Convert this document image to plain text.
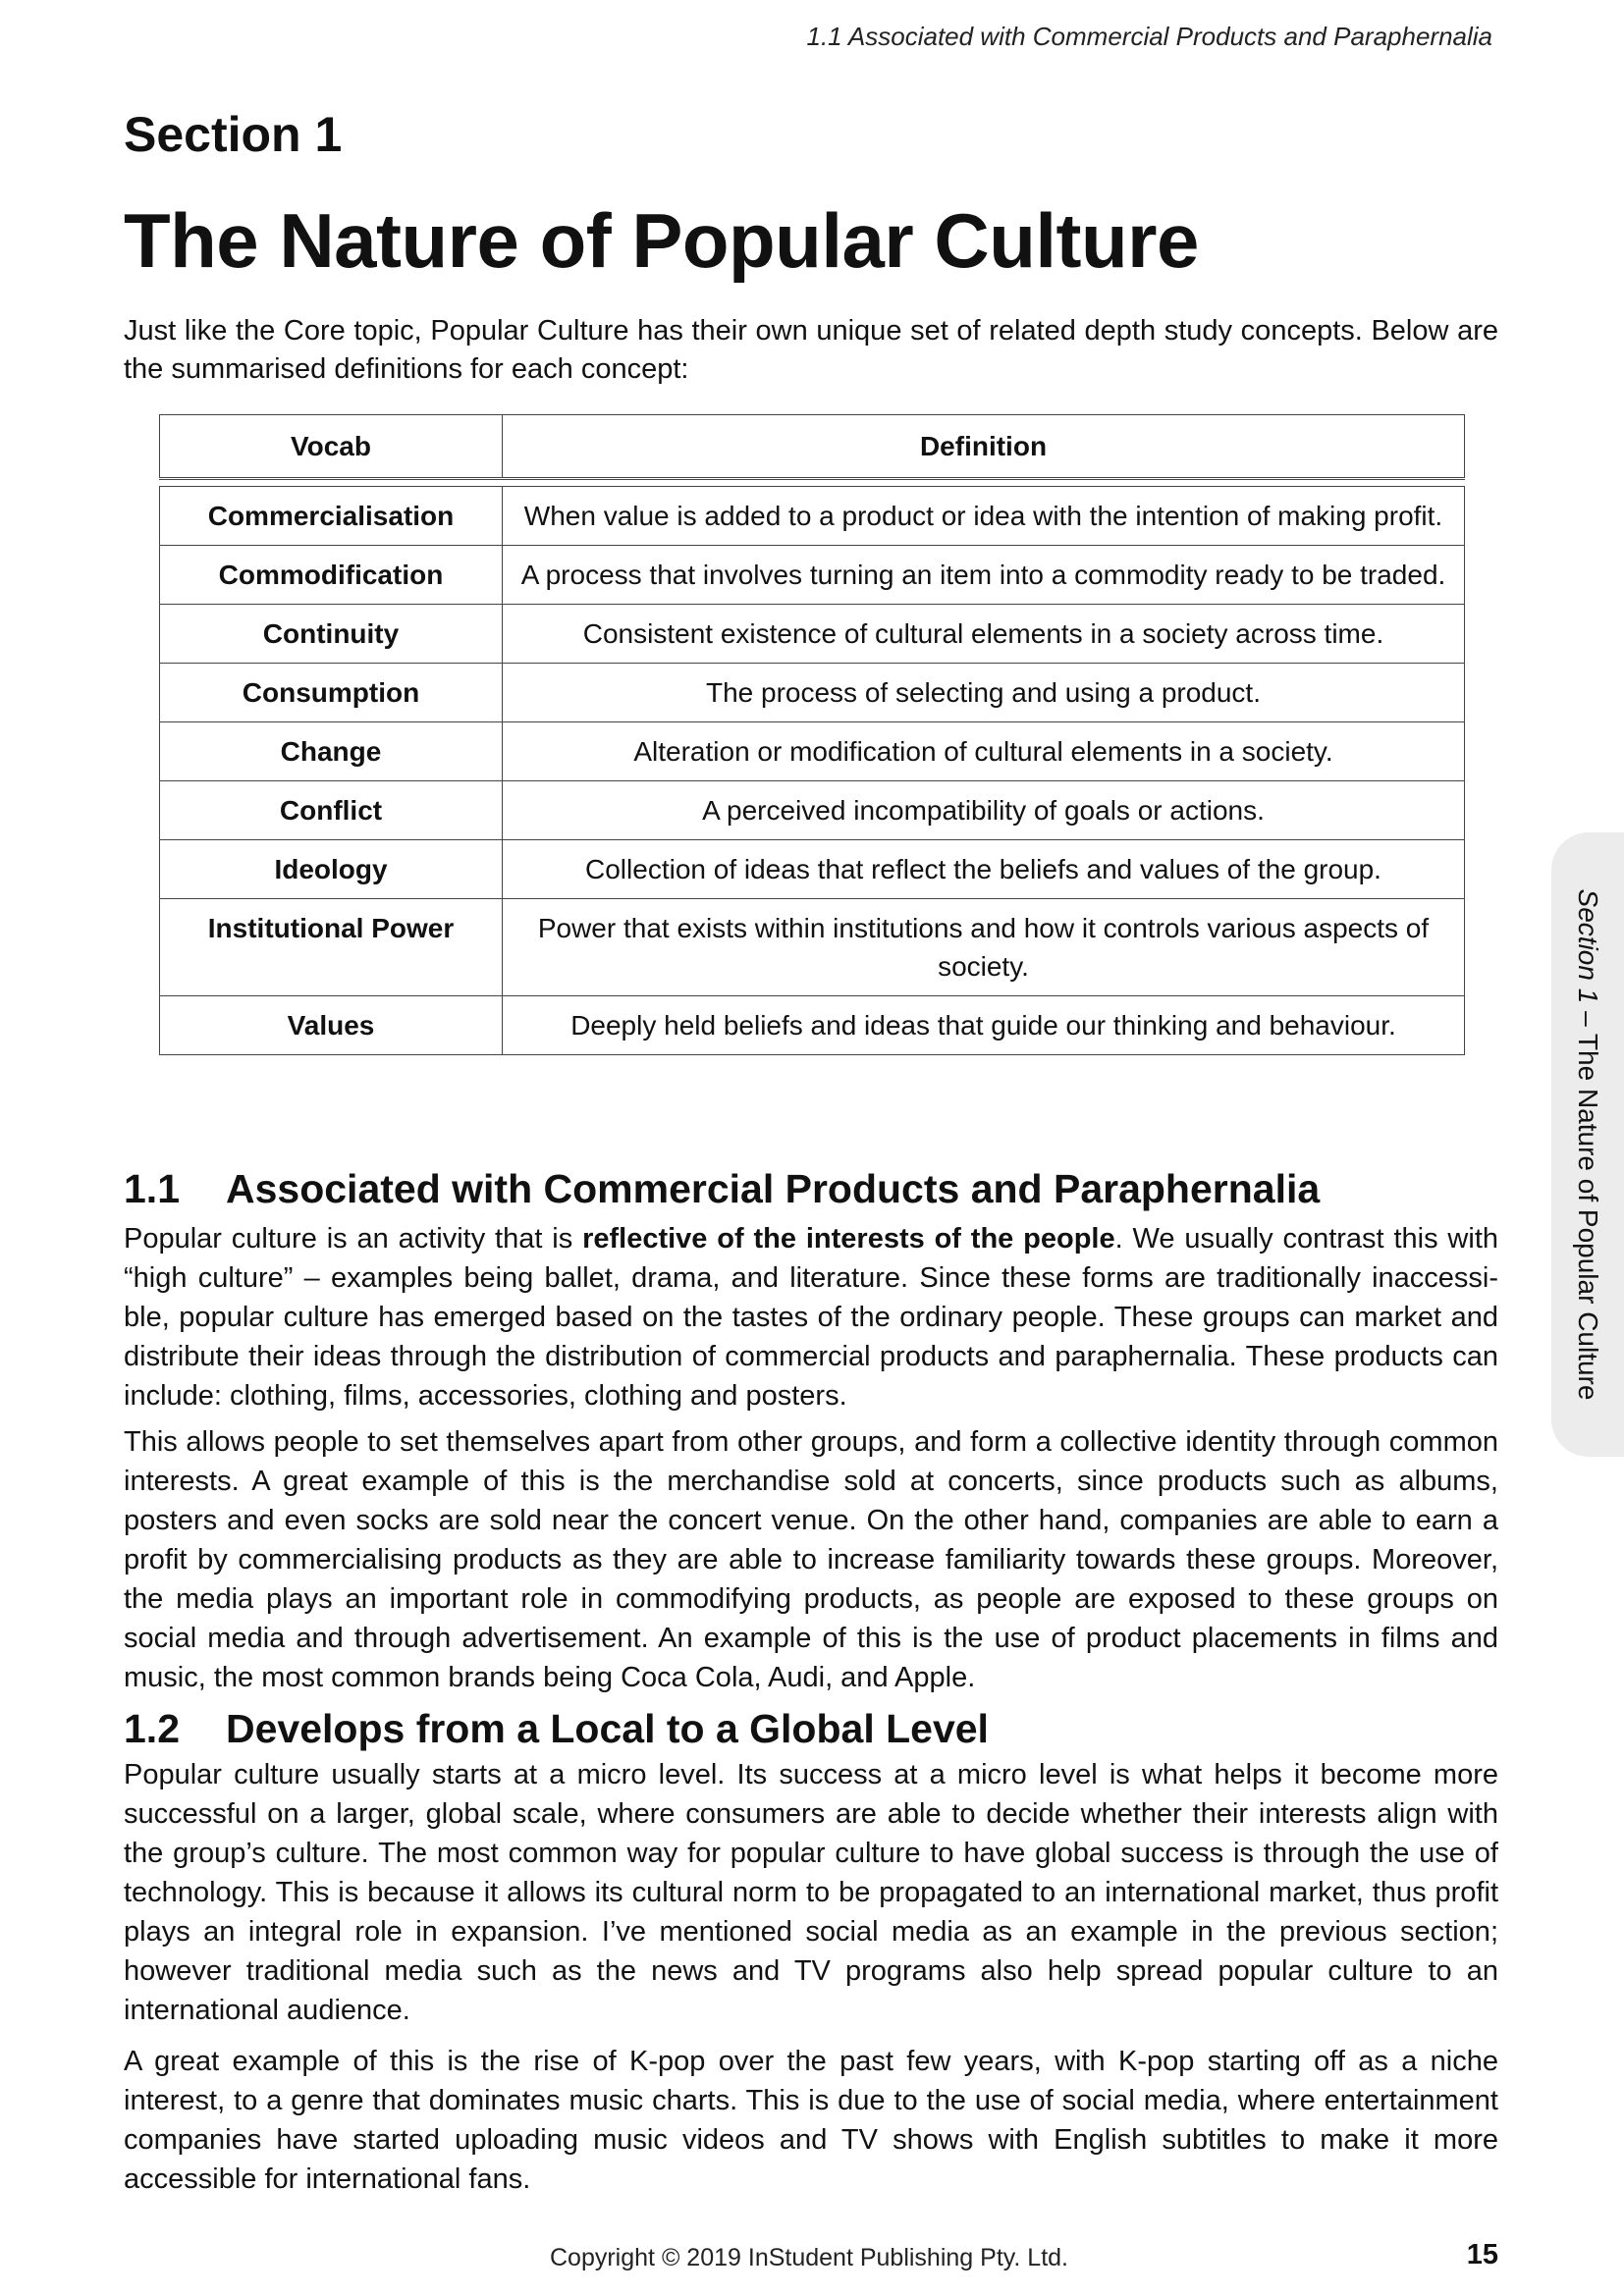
1.1 Associated with Commercial Products and Paraphernalia
Section 1
The Nature of Popular Culture

Just like the Core topic, Popular Culture has their own unique set of related depth study concepts. Below are the summarised definitions for each concept:

Vocab	Definition

Commercialisation	When value is added to a product or idea with the intention of making profit.
Commodification	A process that involves turning an item into a commodity ready to be traded.
Continuity	Consistent existence of cultural elements in a society across time.
Consumption	The process of selecting and using a product.
Change	Alteration or modification of cultural elements in a society.
Conflict	A perceived incompatibility of goals or actions.
Ideology	Collection of ideas that reflect the beliefs and values of the group.
Institutional Power	Power that exists within institutions and how it controls various aspects of society.
Values	Deeply held beliefs and ideas that guide our thinking and behaviour.
1.1 Associated with Commercial Products and Paraphernalia

Popular culture is an activity that is reflective of the interests of the people. We usually contrast this with “high culture” – examples being ballet, drama, and literature. Since these forms are traditionally inaccessi-ble, popular culture has emerged based on the tastes of the ordinary people. These groups can market and distribute their ideas through the distribution of commercial products and paraphernalia. These products can include: clothing, films, accessories, clothing and posters.

This allows people to set themselves apart from other groups, and form a collective identity through common interests. A great example of this is the merchandise sold at concerts, since products such as albums, posters and even socks are sold near the concert venue. On the other hand, companies are able to earn a profit by commercialising products as they are able to increase familiarity towards these groups. Moreover, the media plays an important role in commodifying products, as people are exposed to these groups on social media and through advertisement. An example of this is the use of product placements in films and music, the most common brands being Coca Cola, Audi, and Apple.

1.2 Develops from a Local to a Global Level

Popular culture usually starts at a micro level. Its success at a micro level is what helps it become more successful on a larger, global scale, where consumers are able to decide whether their interests align with the group’s culture. The most common way for popular culture to have global success is through the use of technology. This is because it allows its cultural norm to be propagated to an international market, thus profit plays an integral role in expansion. I’ve mentioned social media as an example in the previous section; however traditional media such as the news and TV programs also help spread popular culture to an international audience.

A great example of this is the rise of K-pop over the past few years, with K-pop starting off as a niche interest, to a genre that dominates music charts. This is due to the use of social media, where entertainment companies have started uploading music videos and TV shows with English subtitles to make it more accessible for international fans.

Section 1 – The Nature of Popular Culture
Copyright © 2019 InStudent Publishing Pty. Ltd.	15
